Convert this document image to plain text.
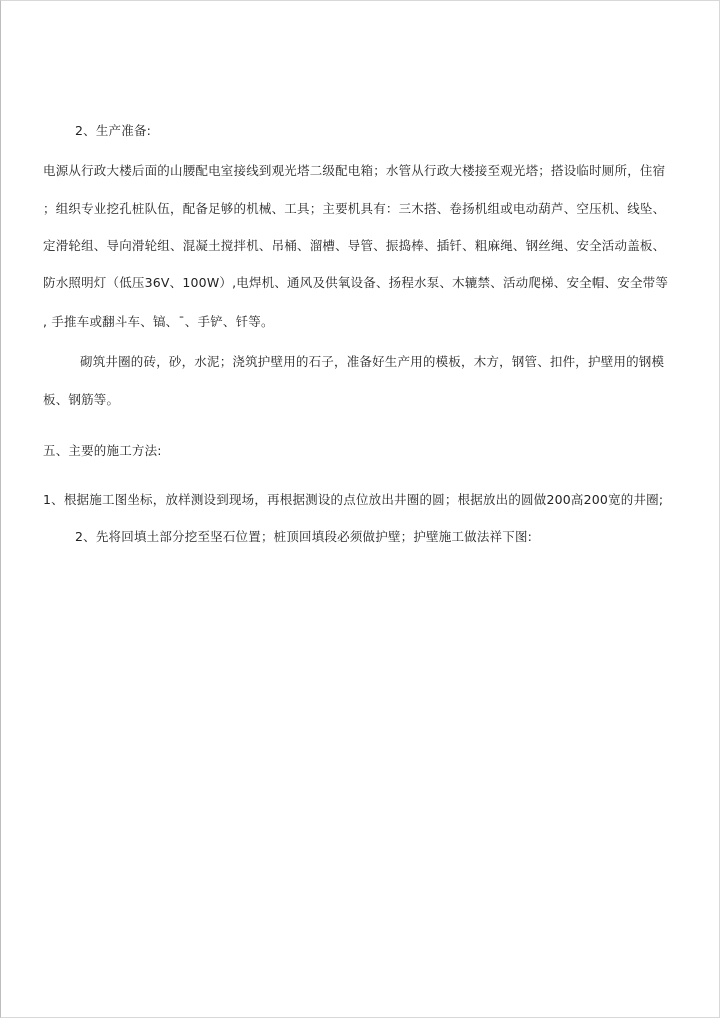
2、生产准备:
电源从行政大楼后面的山腰配电室接线到观光塔二级配电箱；水管从行政大楼接至观光塔；搭设临时厕所，住宿
；组织专业挖孔桩队伍，配备足够的机械、工具；主要机具有：三木搭、卷扬机组或电动葫芦、空压机、线坠、
定滑轮组、导向滑轮组、混凝土搅拌机、吊桶、溜槽、导管、振捣棒、插钎、粗麻绳、钢丝绳、安全活动盖板、
防水照明灯（低压36V、100W）,电焊机、通风及供氧设备、扬程水泵、木辘禁、活动爬梯、安全帽、安全带等
, 手推车或翻斗车、镐、¯、手铲、钎等。
砌筑井圈的砖，砂，水泥；浇筑护壁用的石子，准备好生产用的模板，木方，钢管、扣件，护壁用的钢模
板、钢筋等。
五、主要的施工方法:
1、根据施工图坐标，放样测设到现场，再根据测设的点位放出井圈的圆；根据放出的圆做200高200宽的井圈;
2、先将回填土部分挖至坚石位置；桩顶回填段必须做护壁；护壁施工做法祥下图:
